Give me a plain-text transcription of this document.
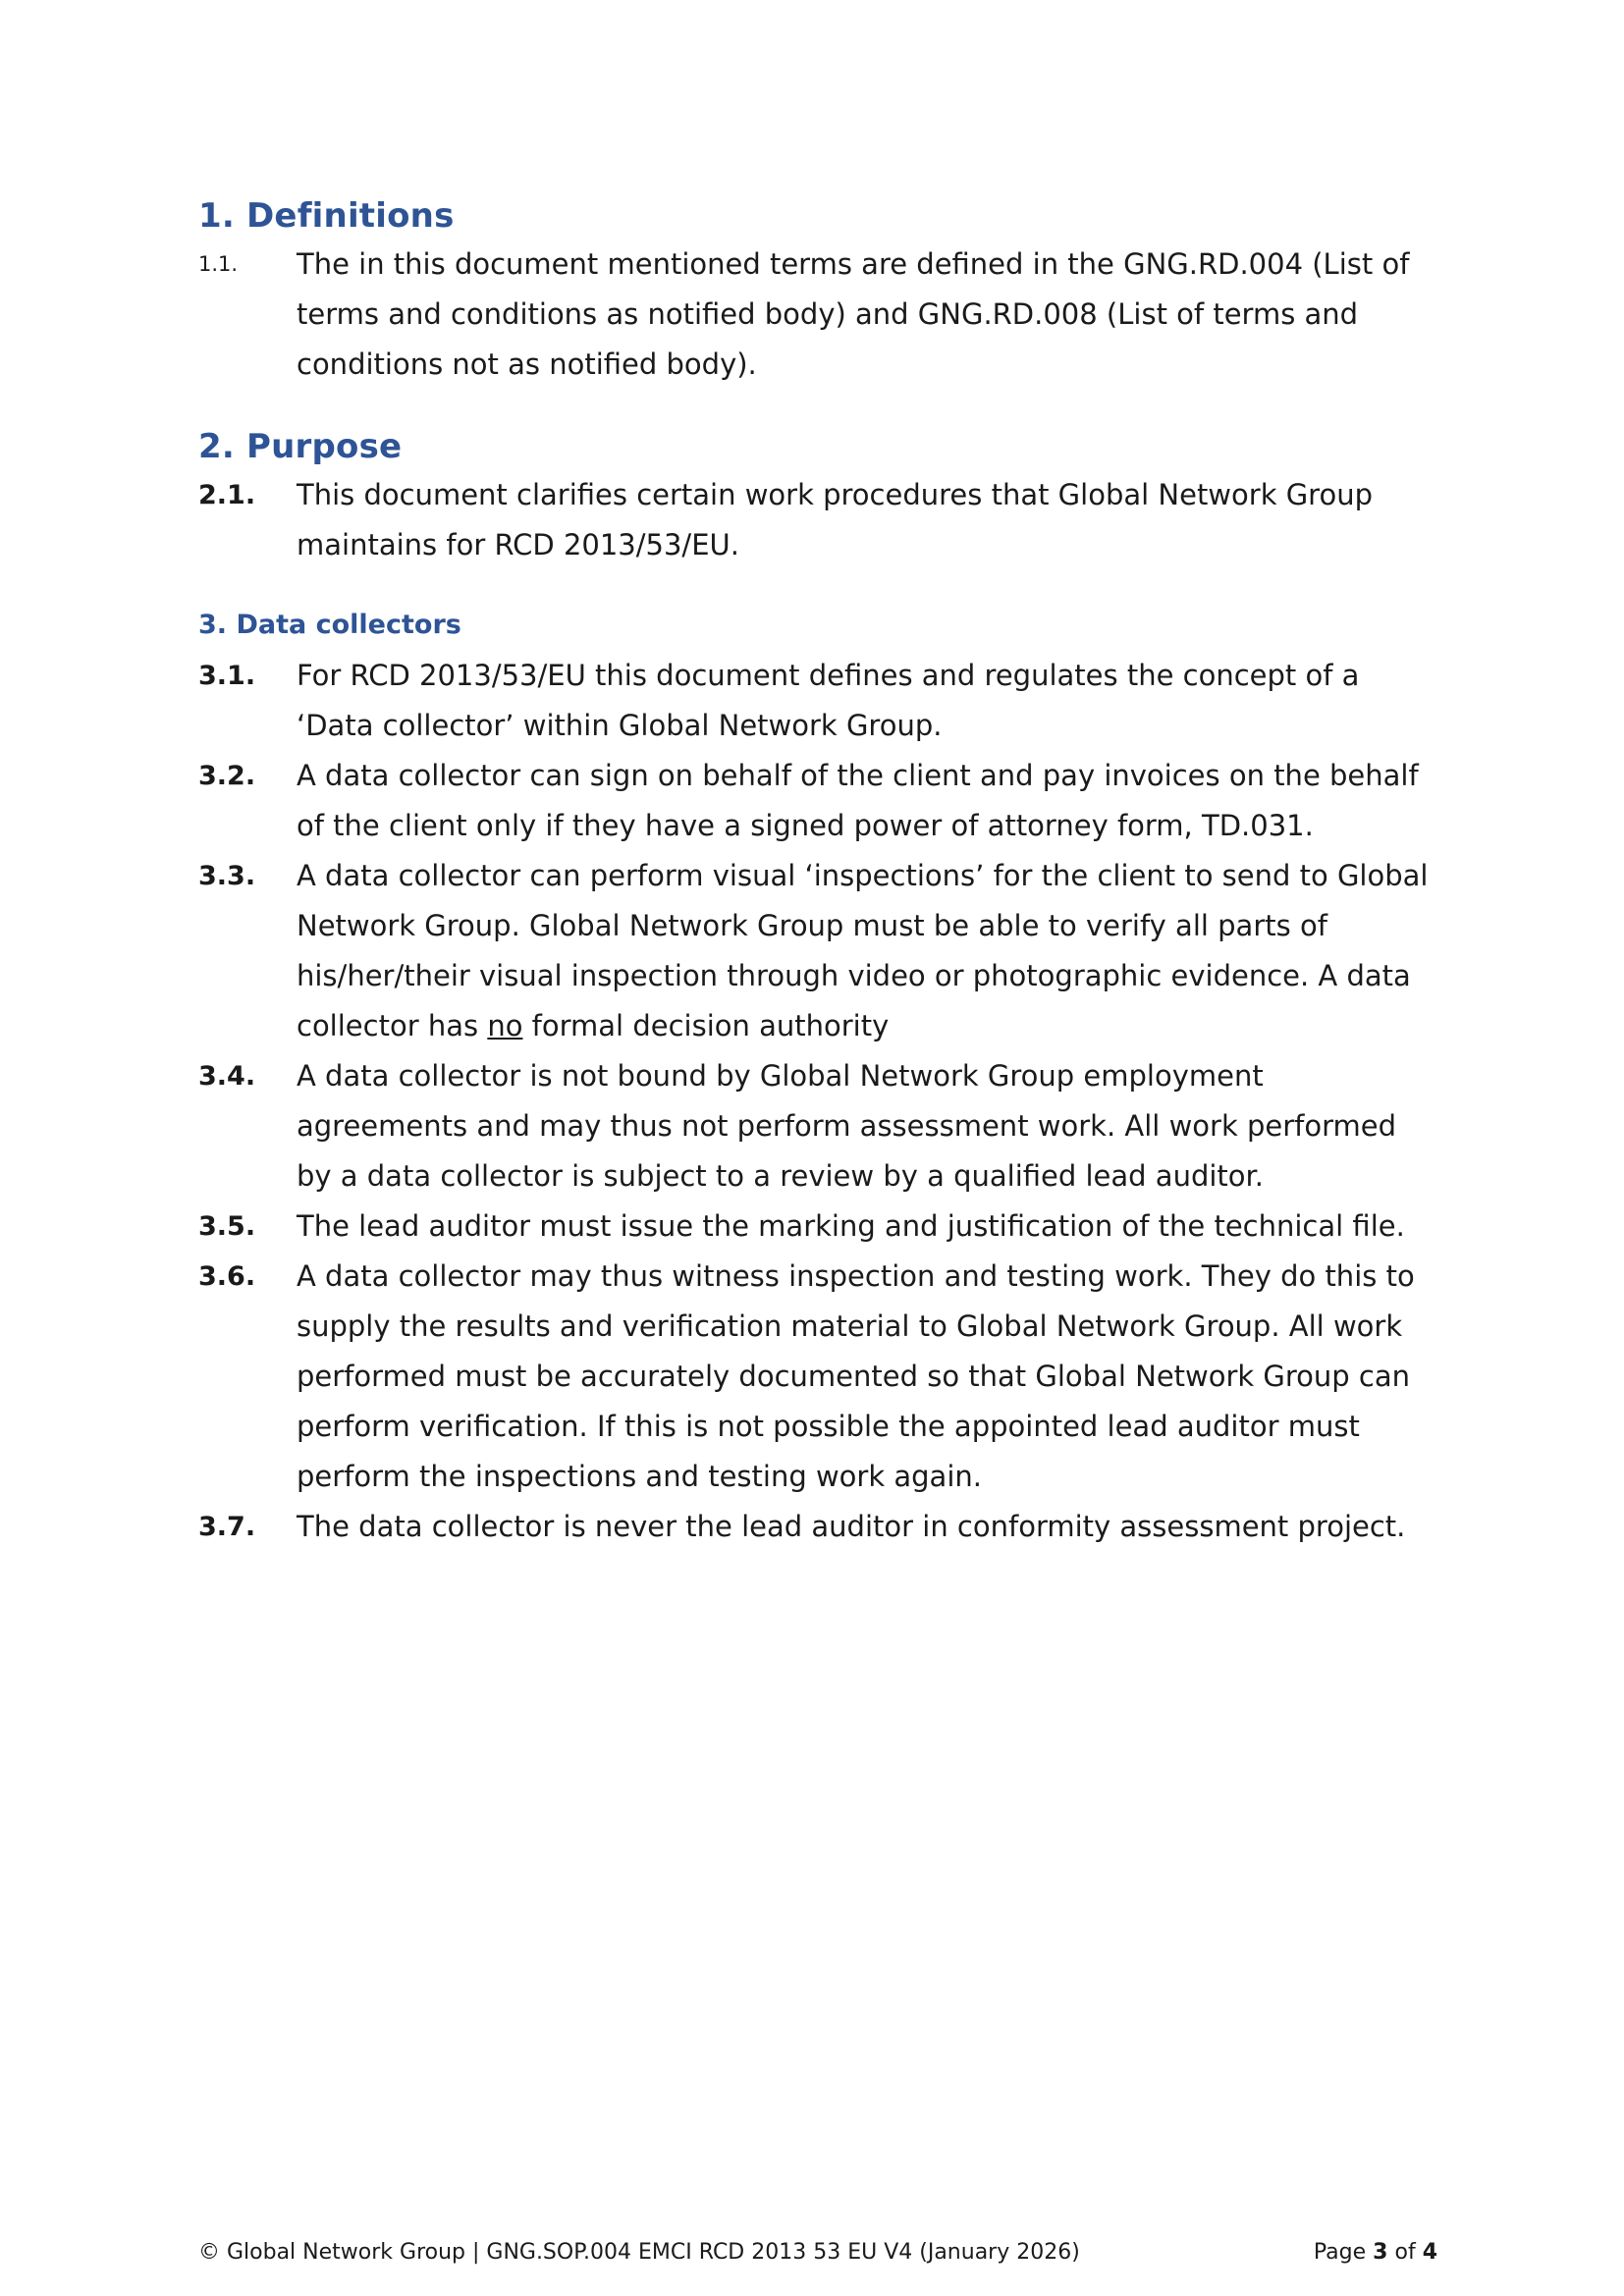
1. Definitions
1.1.	The in this document mentioned terms are defined in the GNG.RD.004 (List of terms and conditions as notified body) and GNG.RD.008 (List of terms and conditions not as notified body).
2. Purpose
2.1.	This document clarifies certain work procedures that Global Network Group maintains for RCD 2013/53/EU.
3. Data collectors
3.1.	For RCD 2013/53/EU this document defines and regulates the concept of a ‘Data collector’ within Global Network Group.
3.2.	A data collector can sign on behalf of the client and pay invoices on the behalf of the client only if they have a signed power of attorney form, TD.031.
3.3.	A data collector can perform visual ‘inspections’ for the client to send to Global Network Group. Global Network Group must be able to verify all parts of his/her/their visual inspection through video or photographic evidence. A data collector has no formal decision authority
3.4.	A data collector is not bound by Global Network Group employment agreements and may thus not perform assessment work. All work performed by a data collector is subject to a review by a qualified lead auditor.
3.5.	The lead auditor must issue the marking and justification of the technical file.
3.6.	A data collector may thus witness inspection and testing work. They do this to supply the results and verification material to Global Network Group. All work performed must be accurately documented so that Global Network Group can perform verification. If this is not possible the appointed lead auditor must perform the inspections and testing work again.
3.7.	The data collector is never the lead auditor in conformity assessment project.
© Global Network Group | GNG.SOP.004 EMCI RCD 2013 53 EU V4 (January 2026)	Page 3 of 4
